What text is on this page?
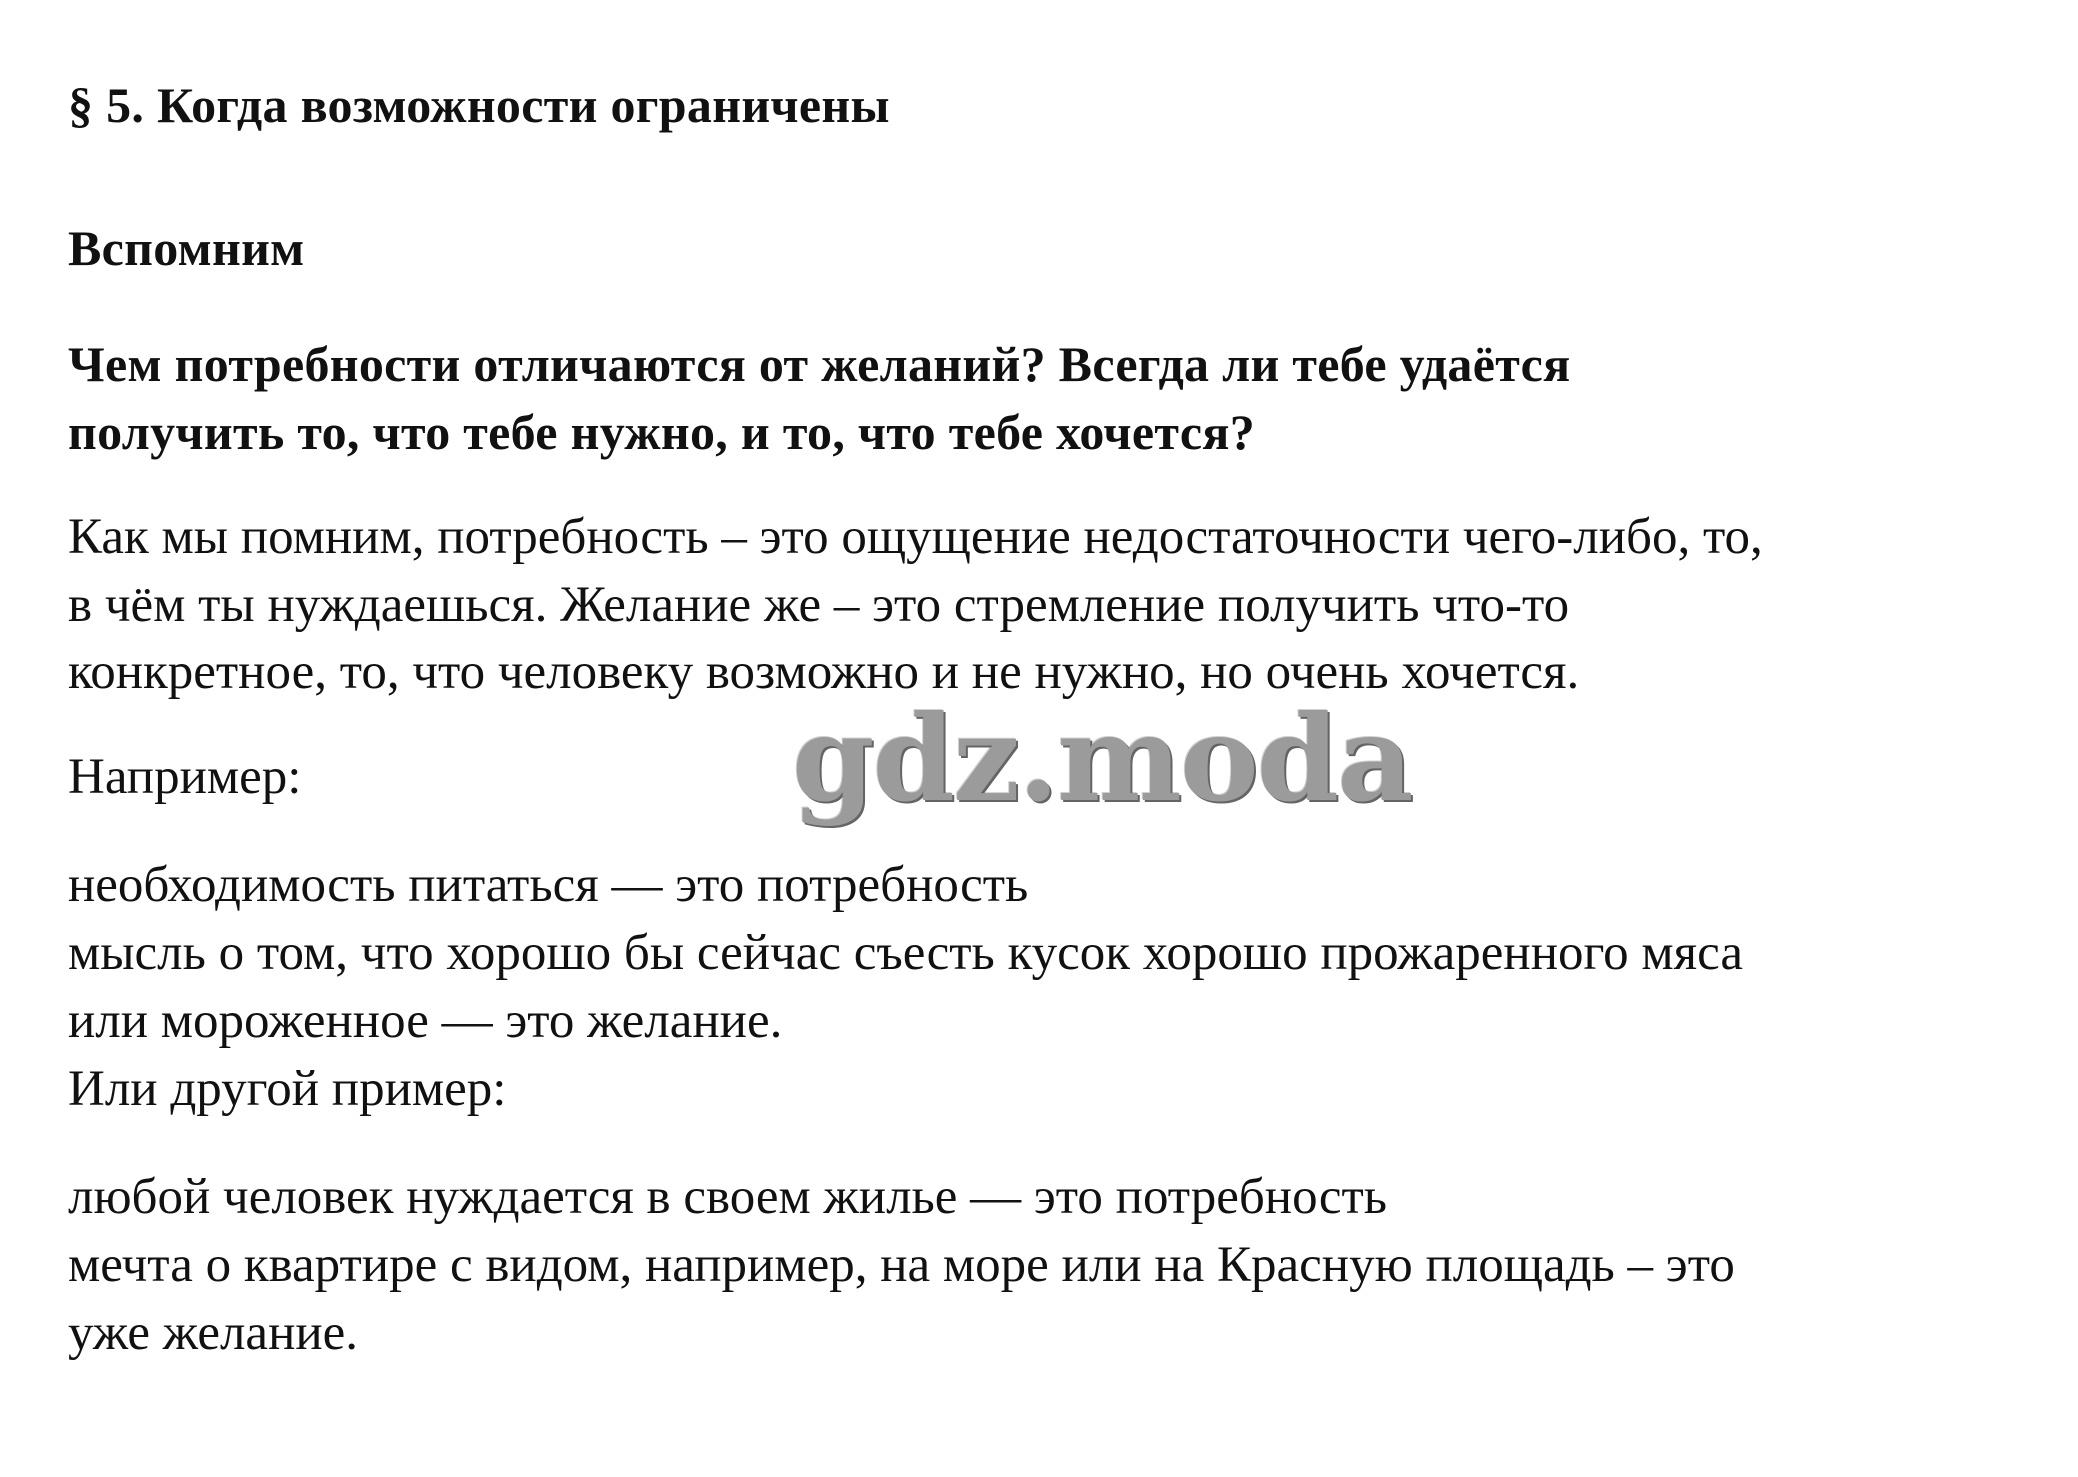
§ 5. Когда возможности ограничены
Вспомним
Чем потребности отличаются от желаний? Всегда ли тебе удаётся
получить то, что тебе нужно, и то, что тебе хочется?
Как мы помним, потребность – это ощущение недостаточности чего-либо, то,
в чём ты нуждаешься. Желание же – это стремление получить что-то
конкретное, то, что человеку возможно и не нужно, но очень хочется.
Например:	gdz.moda
необходимость питаться — это потребность
мысль о том, что хорошо бы сейчас съесть кусок хорошо прожаренного мяса
или мороженное — это желание.
Или другой пример:
любой человек нуждается в своем жилье — это потребность
мечта о квартире с видом, например, на море или на Красную площадь – это
уже желание.
